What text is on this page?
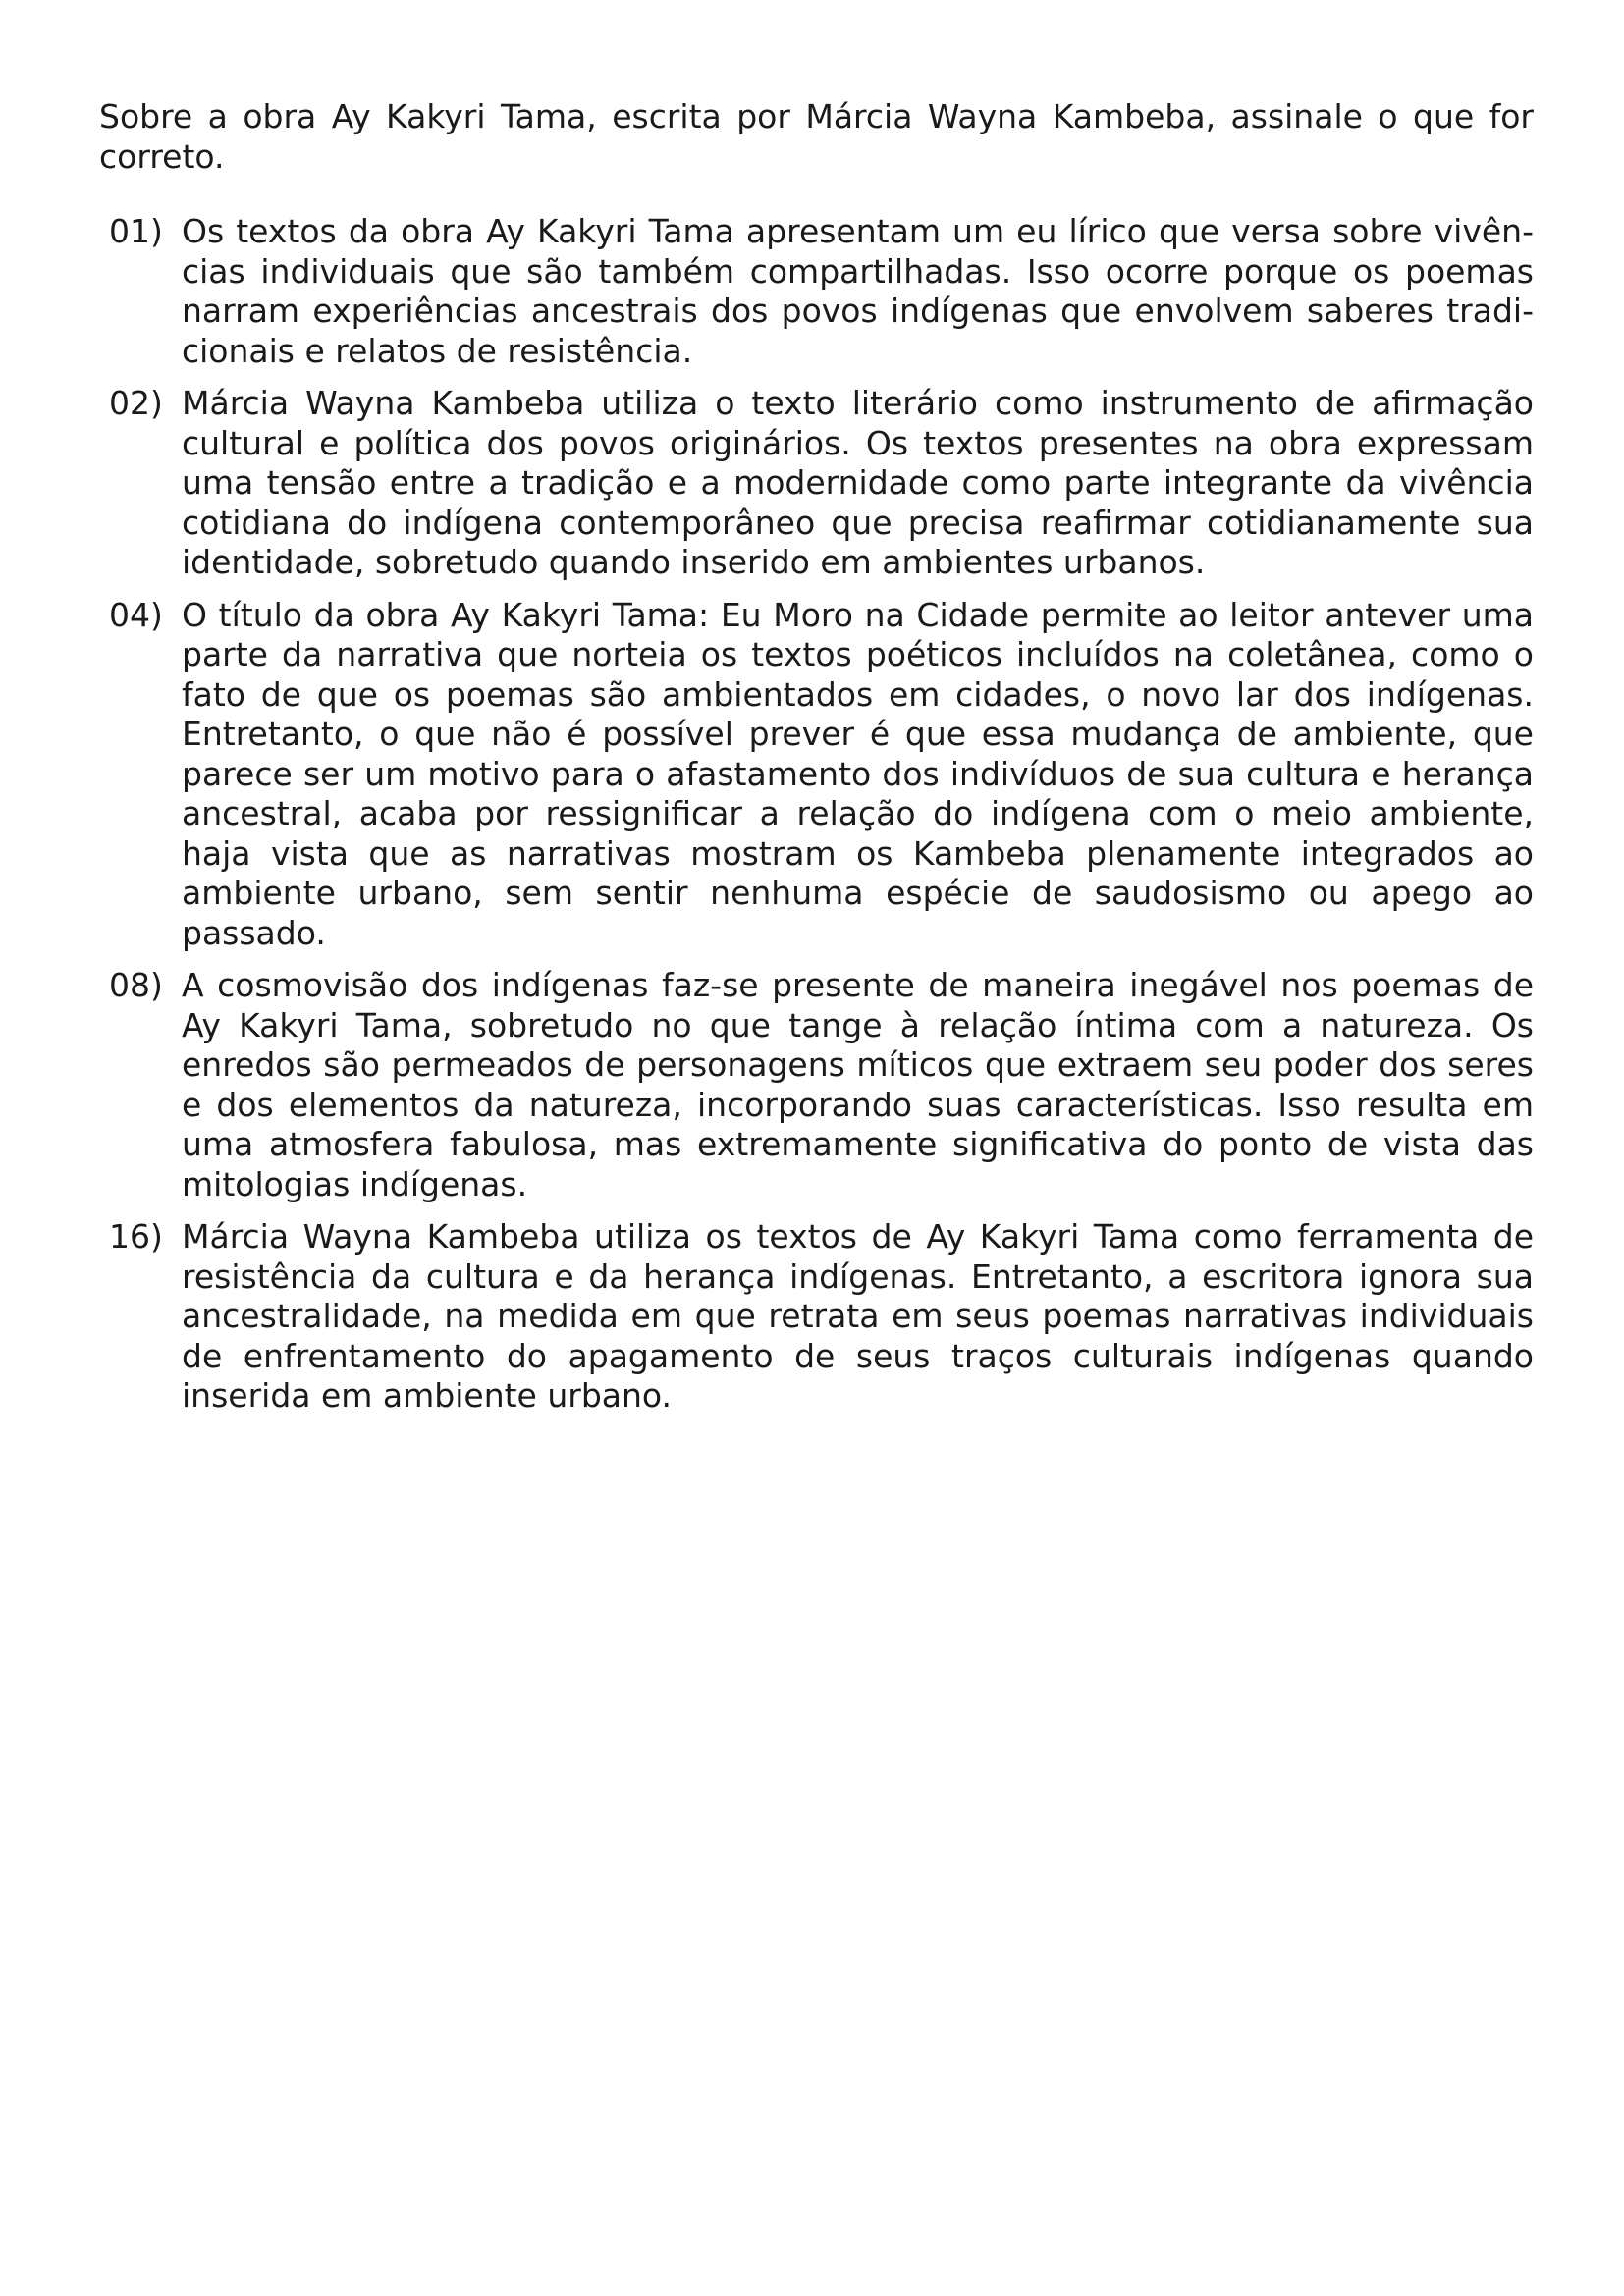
Sobre a obra Ay Kakyri Tama, escrita por Márcia Wayna Kambeba, assinale o que for correto.

01) Os textos da obra Ay Kakyri Tama apresentam um eu lírico que versa sobre vivências individuais que são também compartilhadas. Isso ocorre porque os poemas narram experiências ancestrais dos povos indígenas que envolvem saberes tradicionais e relatos de resistência.
02) Márcia Wayna Kambeba utiliza o texto literário como instrumento de afirmação cultural e política dos povos originários. Os textos presentes na obra expressam uma tensão entre a tradição e a modernidade como parte integrante da vivência cotidiana do indígena contemporâneo que precisa reafirmar cotidianamente sua identidade, sobretudo quando inserido em ambientes urbanos.
04) O título da obra Ay Kakyri Tama: Eu Moro na Cidade permite ao leitor antever uma parte da narrativa que norteia os textos poéticos incluídos na coletânea, como o fato de que os poemas são ambientados em cidades, o novo lar dos indígenas. Entretanto, o que não é possível prever é que essa mudança de ambiente, que parece ser um motivo para o afastamento dos indivíduos de sua cultura e herança ancestral, acaba por ressignificar a relação do indígena com o meio ambiente, haja vista que as narrativas mostram os Kambeba plenamente integrados ao ambiente urbano, sem sentir nenhuma espécie de saudosismo ou apego ao passado.
08) A cosmovisão dos indígenas faz-se presente de maneira inegável nos poemas de Ay Kakyri Tama, sobretudo no que tange à relação íntima com a natureza. Os enredos são permeados de personagens míticos que extraem seu poder dos seres e dos elementos da natureza, incorporando suas características. Isso resulta em uma atmosfera fabulosa, mas extremamente significativa do ponto de vista das mitologias indígenas.
16) Márcia Wayna Kambeba utiliza os textos de Ay Kakyri Tama como ferramenta de resistência da cultura e da herança indígenas. Entretanto, a escritora ignora sua ancestralidade, na medida em que retrata em seus poemas narrativas individuais de enfrentamento do apagamento de seus traços culturais indígenas quando inserida em ambiente urbano.
